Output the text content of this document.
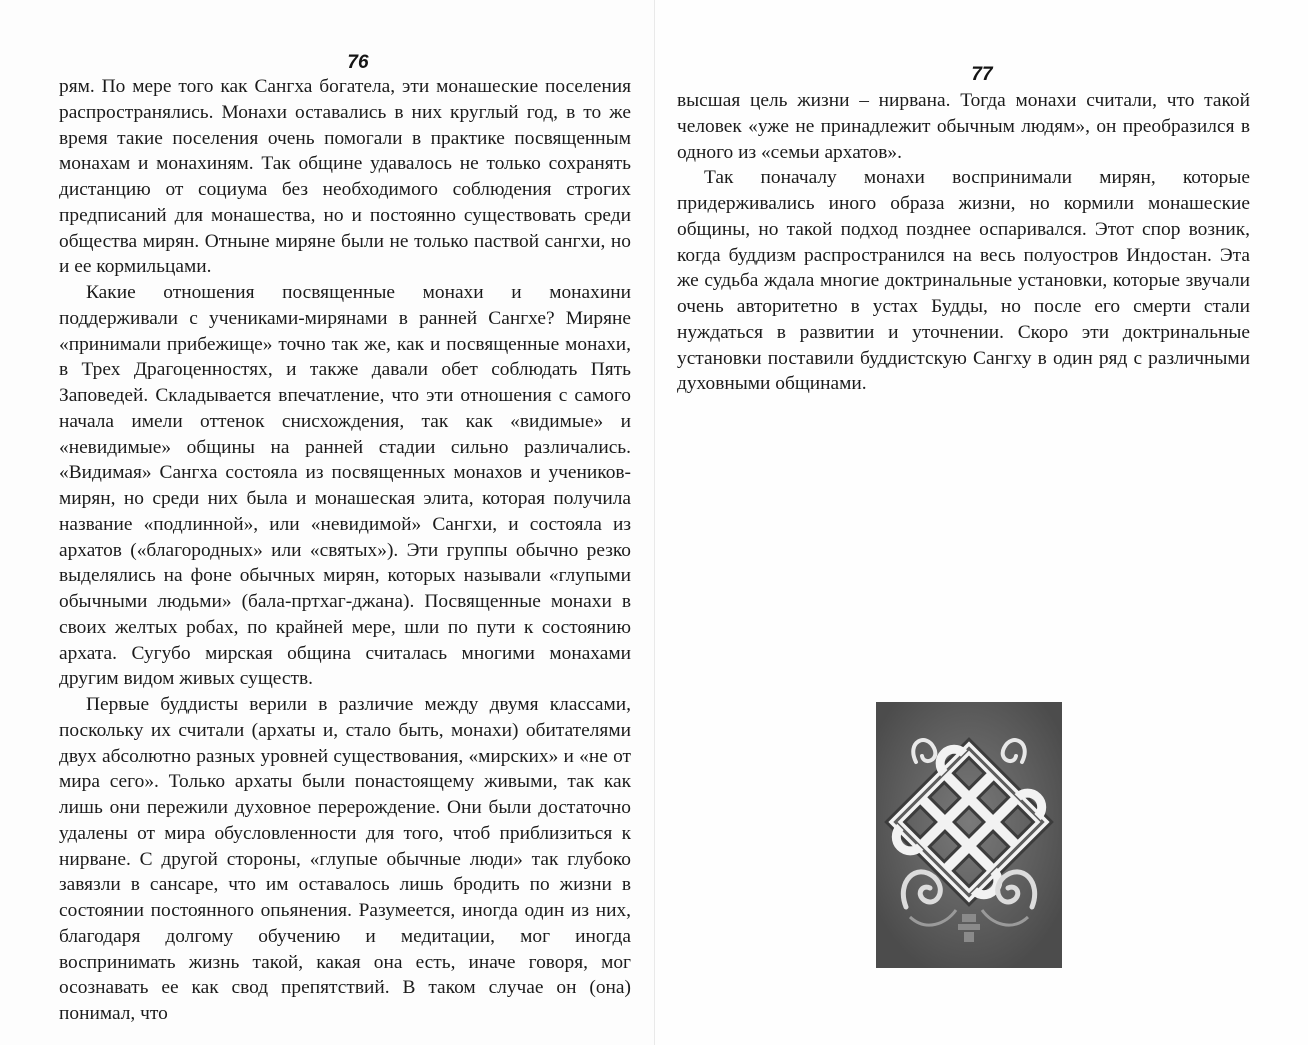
76

рям. По мере того как Сангха богатела, эти монашеские поселения распространялись. Монахи оставались в них круглый год, в то же время такие поселения очень помогали в практике посвященным монахам и монахиням. Так общине удавалось не только сохранять дистанцию от социума без необходимого соблюдения строгих предписаний для монашества, но и постоянно существовать среди общества мирян. Отныне миряне были не только паствой сангхи, но и ее кормильцами.

Какие отношения посвященные монахи и монахини поддерживали с учениками-мирянами в ранней Сангхе? Миряне «принимали прибежище» точно так же, как и посвященные монахи, в Трех Драгоценностях, и также давали обет соблюдать Пять Заповедей. Складывается впечатление, что эти отношения с самого начала имели оттенок снисхождения, так как «видимые» и «невидимые» общины на ранней стадии сильно различались. «Видимая» Сангха состояла из посвященных монахов и учеников-мирян, но среди них была и монашеская элита, которая получила название «подлинной», или «невидимой» Сангхи, и состояла из архатов («благородных» или «святых»). Эти группы обычно резко выделялись на фоне обычных мирян, которых называли «глупыми обычными людьми» (бала-пртхаг-джана). Посвященные монахи в своих желтых робах, по крайней мере, шли по пути к состоянию архата. Сугубо мирская община считалась многими монахами другим видом живых существ.

Первые буддисты верили в различие между двумя классами, поскольку их считали (архаты и, стало быть, монахи) обитателями двух абсолютно разных уровней существования, «мирских» и «не от мира сего». Только архаты были понастоящему живыми, так как лишь они пережили духовное перерождение. Они были достаточно удалены от мира обусловленности для того, чтоб приблизиться к нирване. С другой стороны, «глупые обычные люди» так глубоко завязли в сансаре, что им оставалось лишь бродить по жизни в состоянии постоянного опьянения. Разумеется, иногда один из них, благодаря долгому обучению и медитации, мог иногда воспринимать жизнь такой, какая она есть, иначе говоря, мог осознавать ее как свод препятствий. В таком случае он (она) понимал, что

77

высшая цель жизни – нирвана. Тогда монахи считали, что такой человек «уже не принадлежит обычным людям», он преобразился в одного из «семьи архатов».

Так поначалу монахи воспринимали мирян, которые придерживались иного образа жизни, но кормили монашеские общины, но такой подход позднее оспаривался. Этот спор возник, когда буддизм распространился на весь полуостров Индостан. Эта же судьба ждала многие доктринальные установки, которые звучали очень авторитетно в устах Будды, но после его смерти стали нуждаться в развитии и уточнении. Скоро эти доктринальные установки поставили буддистскую Сангху в один ряд с различными духовными общинами.
